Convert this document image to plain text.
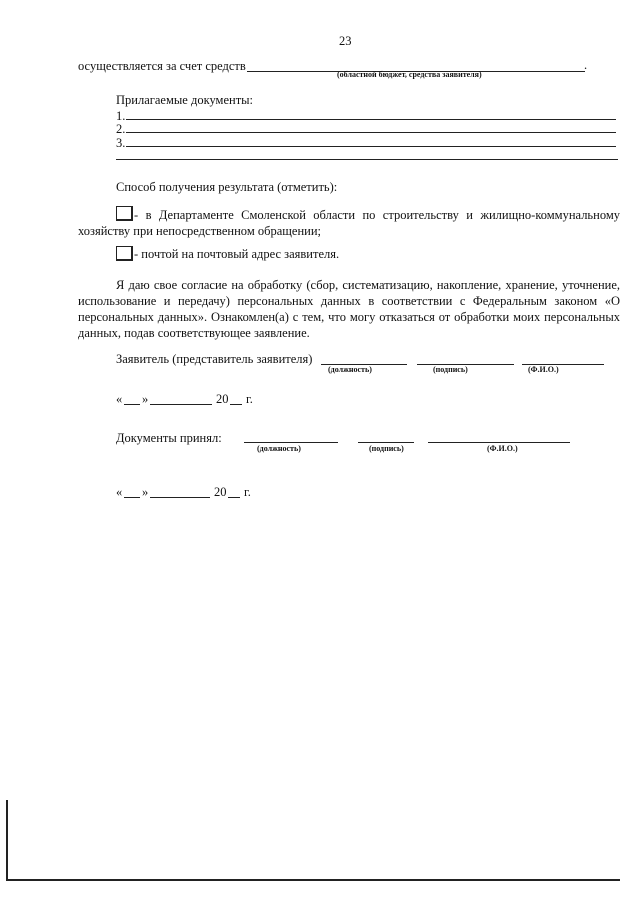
23
осуществляется за счет средств	.
(областной бюджет, средства заявителя)
Прилагаемые документы:
1.
2.
3.
Способ получения результата (отметить):
- в Департаменте Смоленской области по строительству и жилищно-коммунальному хозяйству при непосредственном обращении;
- почтой на почтовый адрес заявителя.
Я даю свое согласие на обработку (сбор, систематизацию, накопление, хранение, уточнение, использование и передачу) персональных данных в соответствии с Федеральным законом «О персональных данных». Ознакомлен(а) с тем, что могу отказаться от обработки моих персональных данных, подав соответствующее заявление.
Заявитель (представитель заявителя)
(должность)	(подпись)	(Ф.И.О.)
« »	20 г.
Документы принял:
(должность)	(подпись)	(Ф.И.О.)
« »	20 г.
